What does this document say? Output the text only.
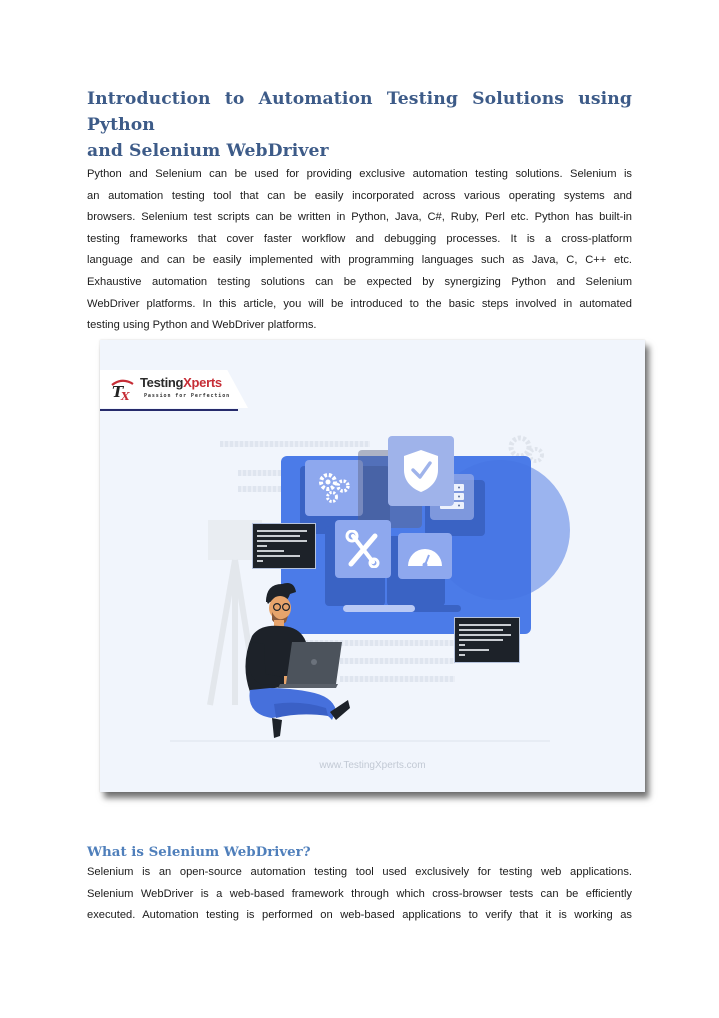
Introduction to Automation Testing Solutions using Python
and Selenium WebDriver

Python and Selenium can be used for providing exclusive automation testing solutions. Selenium is
an automation testing tool that can be easily incorporated across various operating systems and
browsers. Selenium test scripts can be written in Python, Java, C#, Ruby, Perl etc. Python has built-in
testing frameworks that cover faster workflow and debugging processes. It is a cross-platform
language and can be easily implemented with programming languages such as Java, C, C++ etc.
Exhaustive automation testing solutions can be expected by synergizing Python and Selenium
WebDriver platforms. In this article, you will be introduced to the basic steps involved in automated
testing using Python and WebDriver platforms.

T
X
TestingXperts
Passion for Perfection
www.TestingXperts.com
What is Selenium WebDriver?

Selenium is an open-source automation testing tool used exclusively for testing web applications.
Selenium WebDriver is a web-based framework through which cross-browser tests can be efficiently
executed. Automation testing is performed on web-based applications to verify that it is working as
